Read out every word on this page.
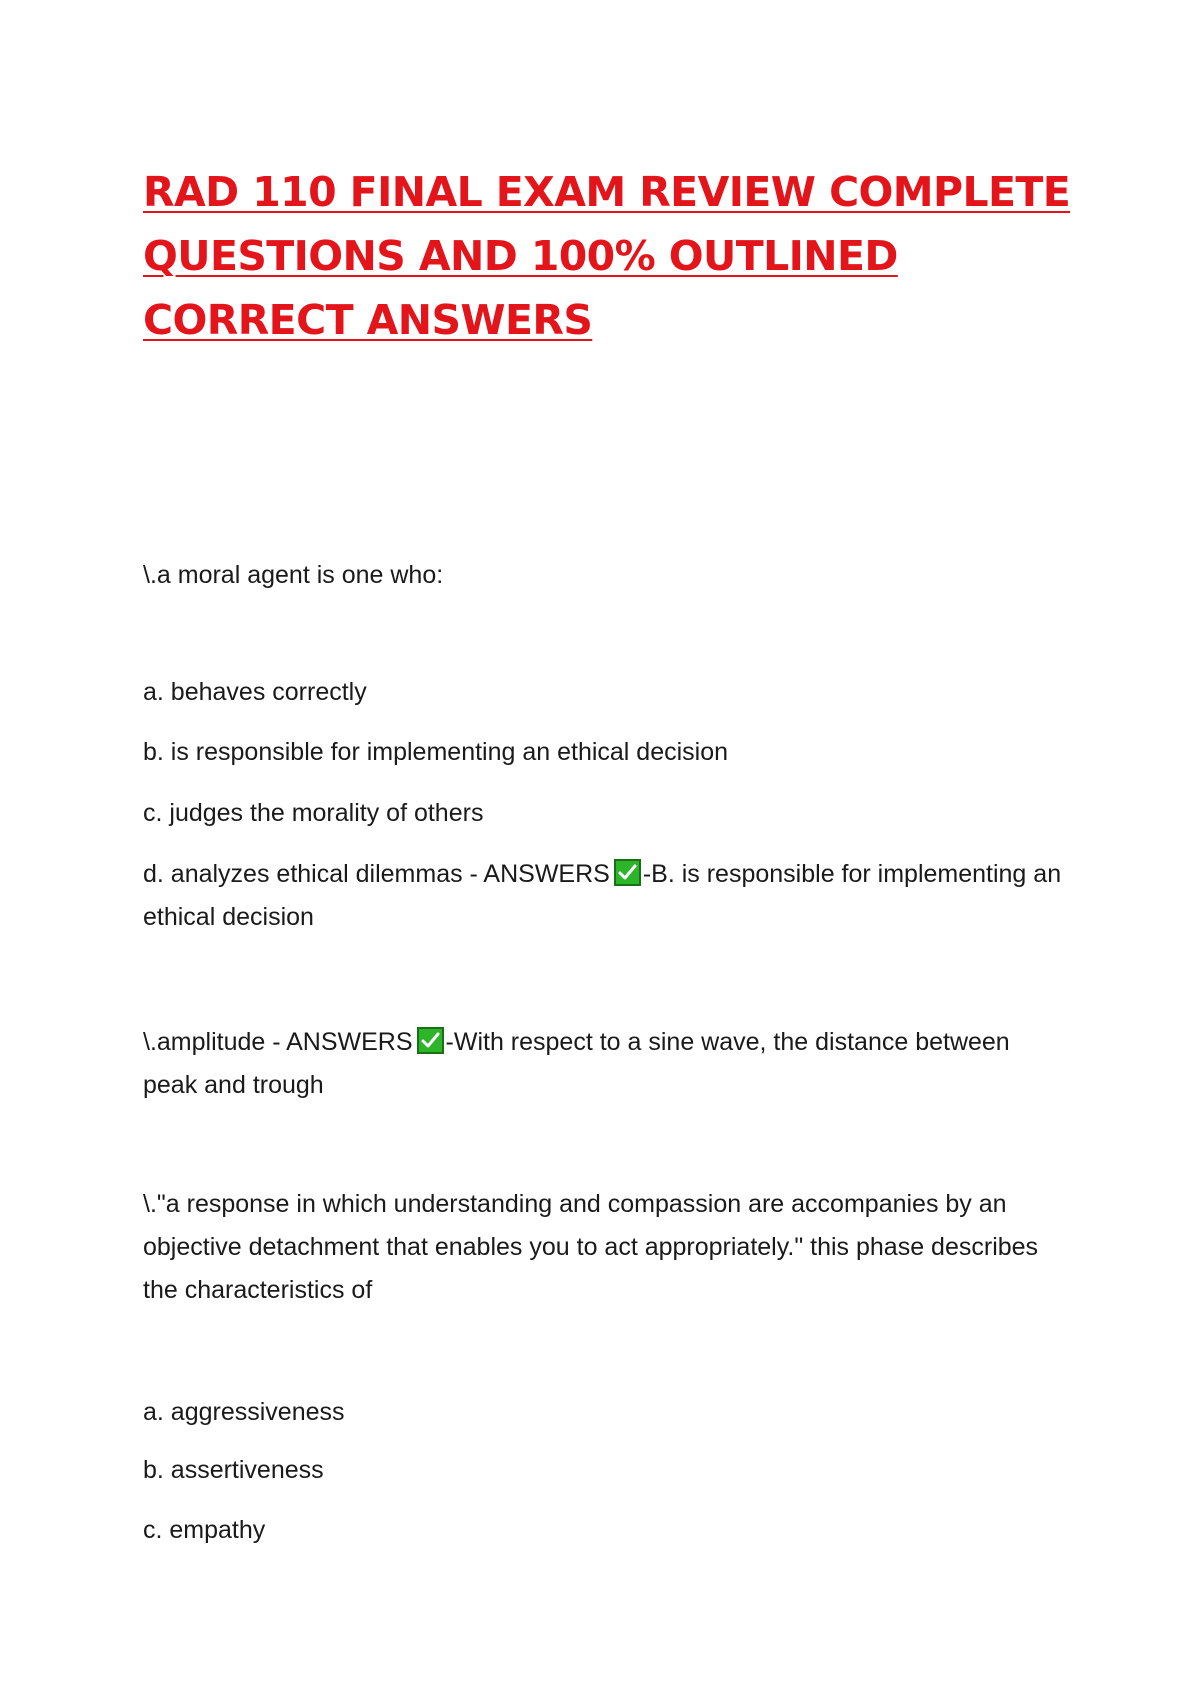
RAD 110 FINAL EXAM REVIEW COMPLETE QUESTIONS AND 100% OUTLINED CORRECT ANSWERS

\.a moral agent is one who:

a. behaves correctly

b. is responsible for implementing an ethical decision

c. judges the morality of others

d. analyzes ethical dilemmas - ANSWERS -B. is responsible for implementing an ethical decision

\.amplitude - ANSWERS -With respect to a sine wave, the distance between peak and trough

\."a response in which understanding and compassion are accompanies by an objective detachment that enables you to act appropriately." this phase describes the characteristics of

a. aggressiveness

b. assertiveness

c. empathy
